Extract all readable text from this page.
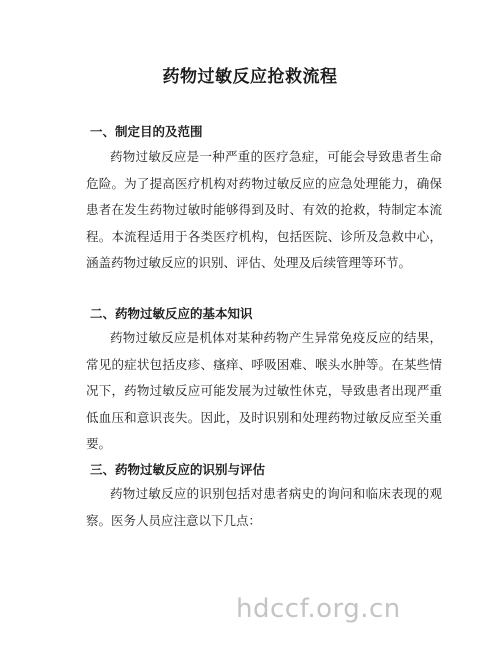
药物过敏反应抢救流程
一、制定目的及范围

药物过敏反应是一种严重的医疗急症，可能会导致患者生命危险。为了提高医疗机构对药物过敏反应的应急处理能力，确保患者在发生药物过敏时能够得到及时、有效的抢救，特制定本流程。本流程适用于各类医疗机构，包括医院、诊所及急救中心，涵盖药物过敏反应的识别、评估、处理及后续管理等环节。

二、药物过敏反应的基本知识

药物过敏反应是机体对某种药物产生异常免疫反应的结果，常见的症状包括皮疹、瘙痒、呼吸困难、喉头水肿等。在某些情况下，药物过敏反应可能发展为过敏性休克，导致患者出现严重低血压和意识丧失。因此，及时识别和处理药物过敏反应至关重要。

三、药物过敏反应的识别与评估

药物过敏反应的识别包括对患者病史的询问和临床表现的观察。医务人员应注意以下几点：

hdccf.org.cn
